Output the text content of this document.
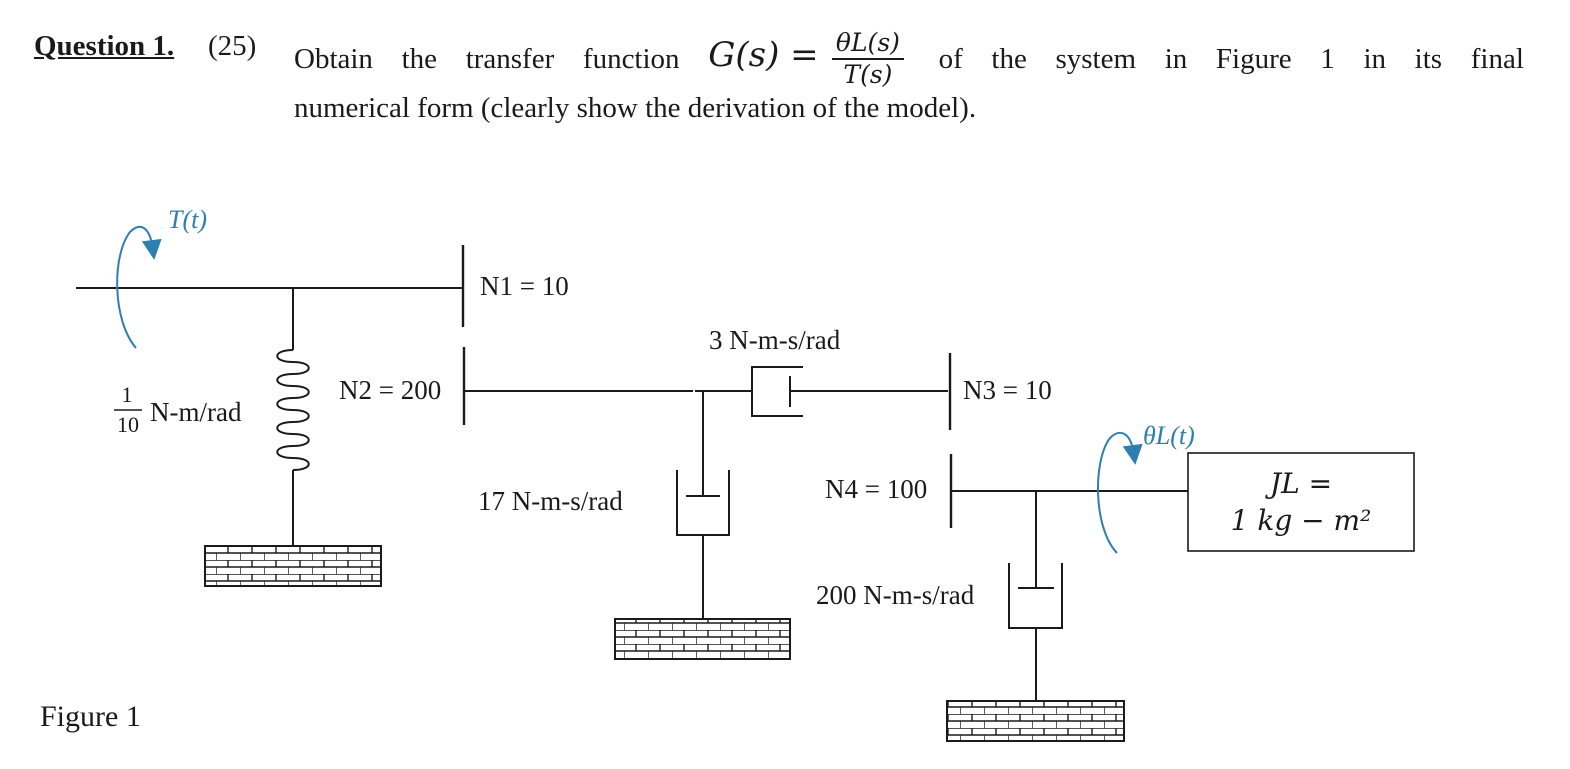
Question 1. (25) Obtain the transfer function $G(s) = \frac{\theta L(s)}{T(s)}$ of the system in Figure 1 in its final
numerical form (clearly show the derivation of the model).
T(t)
θL(t)
N1 = 10
N2 = 200	N3 = 10
N4 = 100
3 N-m-s/rad
17 N-m-s/rad
200 N-m-s/rad
1
10 N-m/rad
JL =
1 kg − m²
Figure 1
